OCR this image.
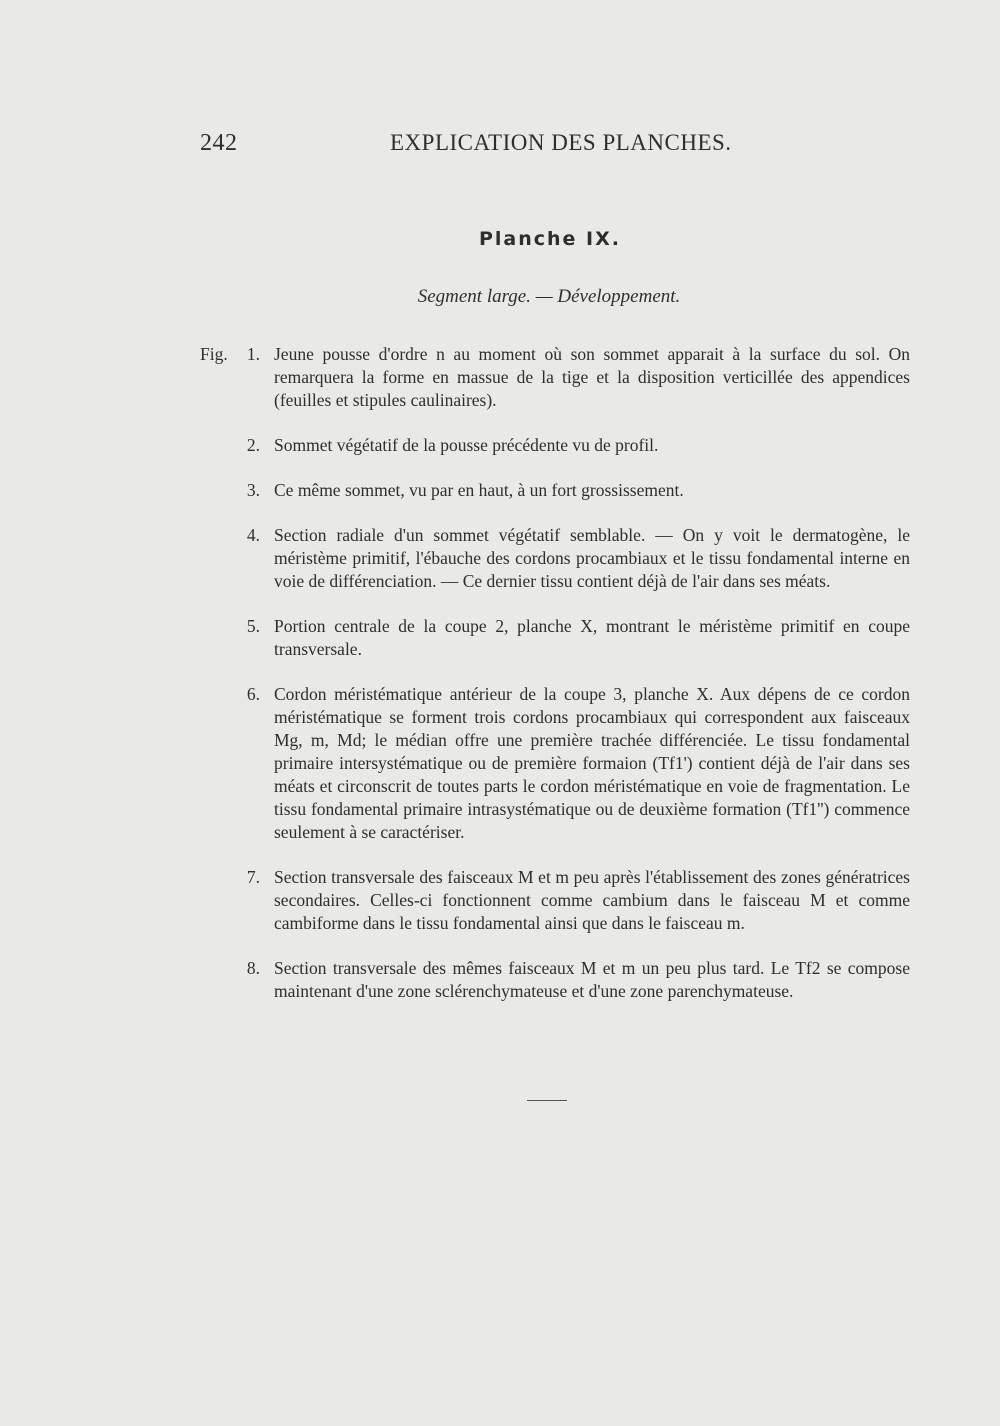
242	EXPLICATION DES PLANCHES.
Planche IX.
Segment large. — Développement.
Fig.	1. Jeune pousse d'ordre n au moment où son sommet apparait à la surface du sol. On remarquera la forme en massue de la tige et la disposition verticillée des appendices (feuilles et stipules caulinaires).
2. Sommet végétatif de la pousse précédente vu de profil.
3. Ce même sommet, vu par en haut, à un fort grossissement.
4. Section radiale d'un sommet végétatif semblable. — On y voit le dermatogène, le méristème primitif, l'ébauche des cordons procambiaux et le tissu fondamental interne en voie de différenciation. — Ce dernier tissu contient déjà de l'air dans ses méats.
5. Portion centrale de la coupe 2, planche X, montrant le méristème primitif en coupe transversale.
6. Cordon méristématique antérieur de la coupe 3, planche X. Aux dépens de ce cordon méristématique se forment trois cordons procambiaux qui correspondent aux faisceaux Mg, m, Md; le médian offre une première trachée différenciée. Le tissu fondamental primaire intersystématique ou de première formaion (Tf1') contient déjà de l'air dans ses méats et circonscrit de toutes parts le cordon méristématique en voie de fragmentation. Le tissu fondamental primaire intrasystématique ou de deuxième formation (Tf1'') commence seulement à se caractériser.
7. Section transversale des faisceaux M et m peu après l'établissement des zones génératrices secondaires. Celles-ci fonctionnent comme cambium dans le faisceau M et comme cambiforme dans le tissu fondamental ainsi que dans le faisceau m.
8. Section transversale des mêmes faisceaux M et m un peu plus tard. Le Tf2 se compose maintenant d'une zone sclérenchymateuse et d'une zone parenchymateuse.
